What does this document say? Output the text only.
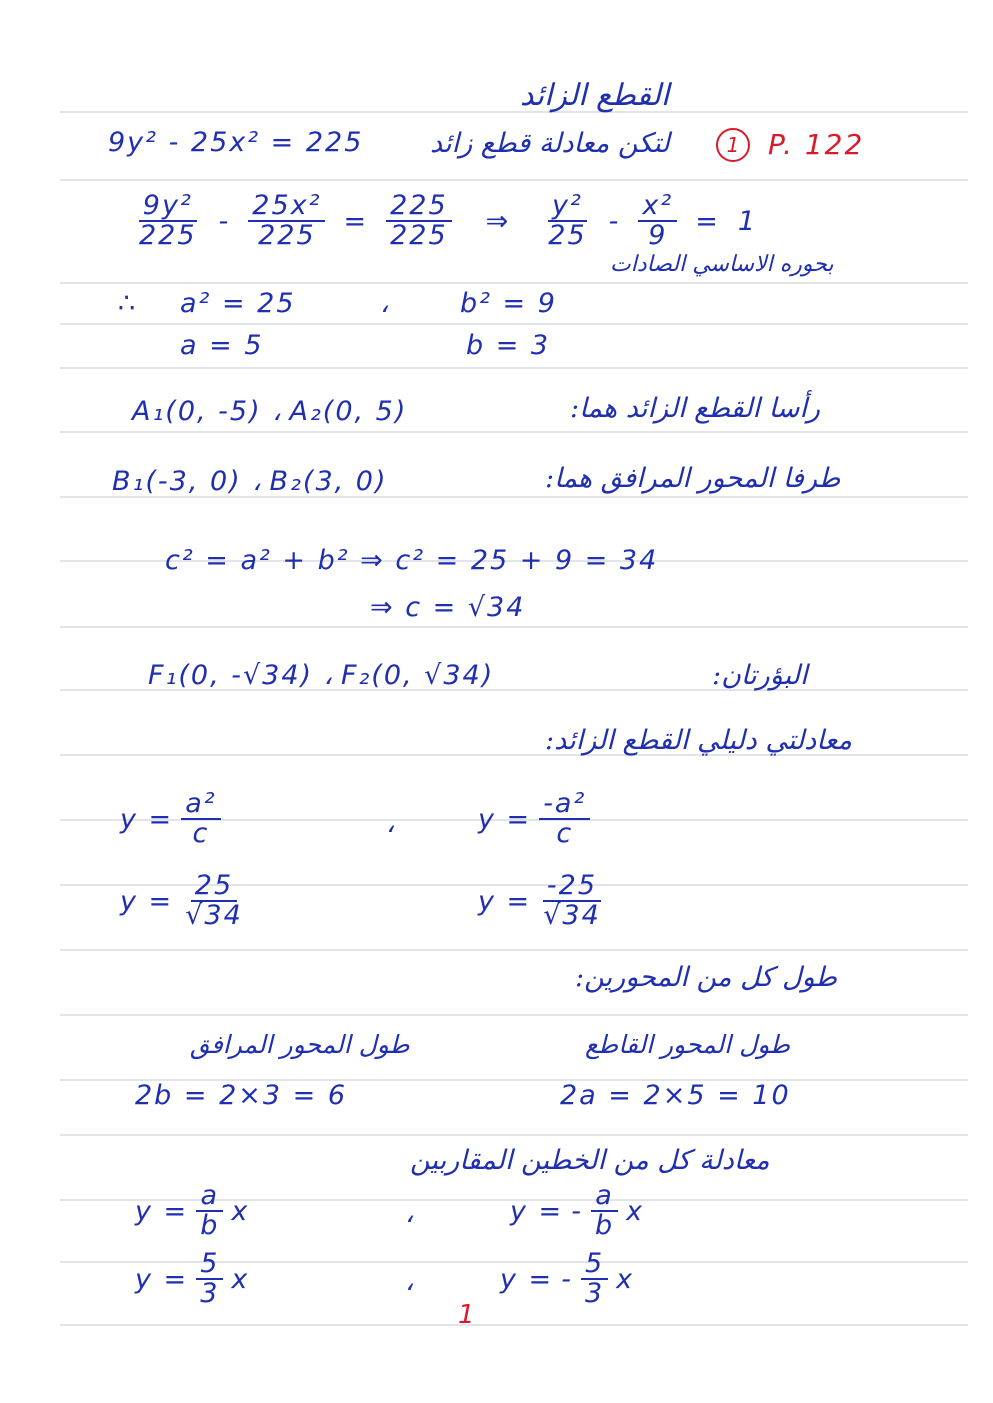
القطع الزائد
9y² - 25x² = 225 لتكن معادلة قطع زائد	1	P. 122
$\frac{\text{9y²}}{225} - \frac{\text{25x²}}{225} = \frac{225}{225}$ ⇒ $\frac{\text{y²}}{25} - \frac{\text{x²}}{9} = 1$
بحوره الاساسي الصادات
∴ a² = 25	،	b² = 9
a = 5	b = 3
A₁(0, -5) ، A₂(0, 5)	رأسا القطع الزائد هما:
B₁(-3, 0) ، B₂(3, 0)	طرفا المحور المرافق هما:
c² = a² + b² ⇒ c² = 25 + 9 = 34
⇒ c = √34
F₁(0, -√34) ، F₂(0, √34)	البؤرتان:
معادلتي دليلي القطع الزائد:
$y = \frac{\text{a²}}{c}$	،	$y = \frac{\text{-a²}}{c}$
$y = \frac{25}{√34}$	$y = \frac{-25}{√34}$
طول كل من المحورين:
طول المحور المرافق
2b = 2×3 = 6
طول المحور القاطع
2a = 2×5 = 10
معادلة كل من الخطين المقاربين
$y = \frac{a}{b}$ x	،	y = - $\frac{a}{b}$ x
$y = \frac{5}{3}$ x	،	y = - $\frac{5}{3}$ x
1
